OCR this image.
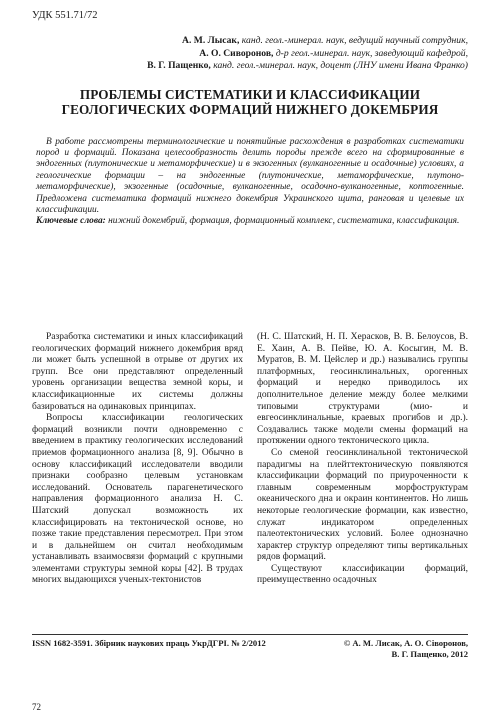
УДК 551.71/72
А. М. Лысак, канд. геол.-минерал. наук, ведущий научный сотрудник,
А. О. Сиворонов, д-р геол.-минерал. наук, заведующий кафедрой,
В. Г. Пащенко, канд. геол.-минерал. наук, доцент (ЛНУ имени Ивана Франко)
ПРОБЛЕМЫ СИСТЕМАТИКИ И КЛАССИФИКАЦИИ
ГЕОЛОГИЧЕСКИХ ФОРМАЦИЙ НИЖНЕГО ДОКЕМБРИЯ

В работе рассмотрены терминологические и понятийные расхождения в разработках систематики пород и формаций. Показана целесообразность делить породы прежде всего на сформированные в эндогенных (плутонические и метаморфические) и в экзогенных (вулканогенные и осадочные) условиях, а геологические формации – на эндогенные (плутонические, метаморфические, плутоно-метаморфические), экзогенные (осадочные, вулканогенные, осадочно-вулканогенные, коптогенные. Предложена систематика формаций нижнего докембрия Украинского щита, ранговая и целевые их классификации.

Ключевые слова: нижний докембрий, формация, формационный комплекс, систематика, классификация.

Разработка систематики и иных классификаций геологических формаций нижнего докембрия вряд ли может быть успешной в отрыве от других их групп. Все они представляют определенный уровень организации вещества земной коры, и классификационные их системы должны базироваться на одинаковых принципах.

Вопросы классификации геологических формаций возникли почти одновременно с введением в практику геологических исследований приемов формационного анализа [8, 9]. Обычно в основу классификаций исследователи вводили признаки сообразно целевым установкам исследований. Основатель парагенетического направления формационного анализа Н. С. Шатский допускал возможность их классифицировать на тектонической основе, но позже такие представления пересмотрел. При этом и в дальнейшем он считал необходимым устанавливать взаимосвязи формаций с крупными элементами структуры земной коры [42]. В трудах многих выдающихся ученых-тектонистов

(Н. С. Шатский, Н. П. Херасков, В. В. Белоусов, В. Е. Хаин, А. В. Пейве, Ю. А. Косыгин, М. В. Муратов, В. М. Цейслер и др.) назывались группы платформных, геосинклинальных, орогенных формаций и нередко приводилось их дополнительное деление между более мелкими типовыми структурами (мио- и евгеосинклинальные, краевых прогибов и др.). Создавались также модели смены формаций на протяжении одного тектонического цикла.

Со сменой геосинклинальной тектонической парадигмы на плейттектоническую появляются классификации формаций по приуроченности к главным современным морфоструктурам океанического дна и окраин континентов. Но лишь некоторые геологические формации, как известно, служат индикатором определенных палеотектонических условий. Более однозначно характер структур определяют типы вертикальных рядов формаций.

Существуют классификации формаций, преимущественно осадочных

ISSN 1682-3591. Збірник наукових праць УкрДГРІ. № 2/2012	© А. М. Лисак, А. О. Сіворонов,
В. Г. Пащенко, 2012
72
